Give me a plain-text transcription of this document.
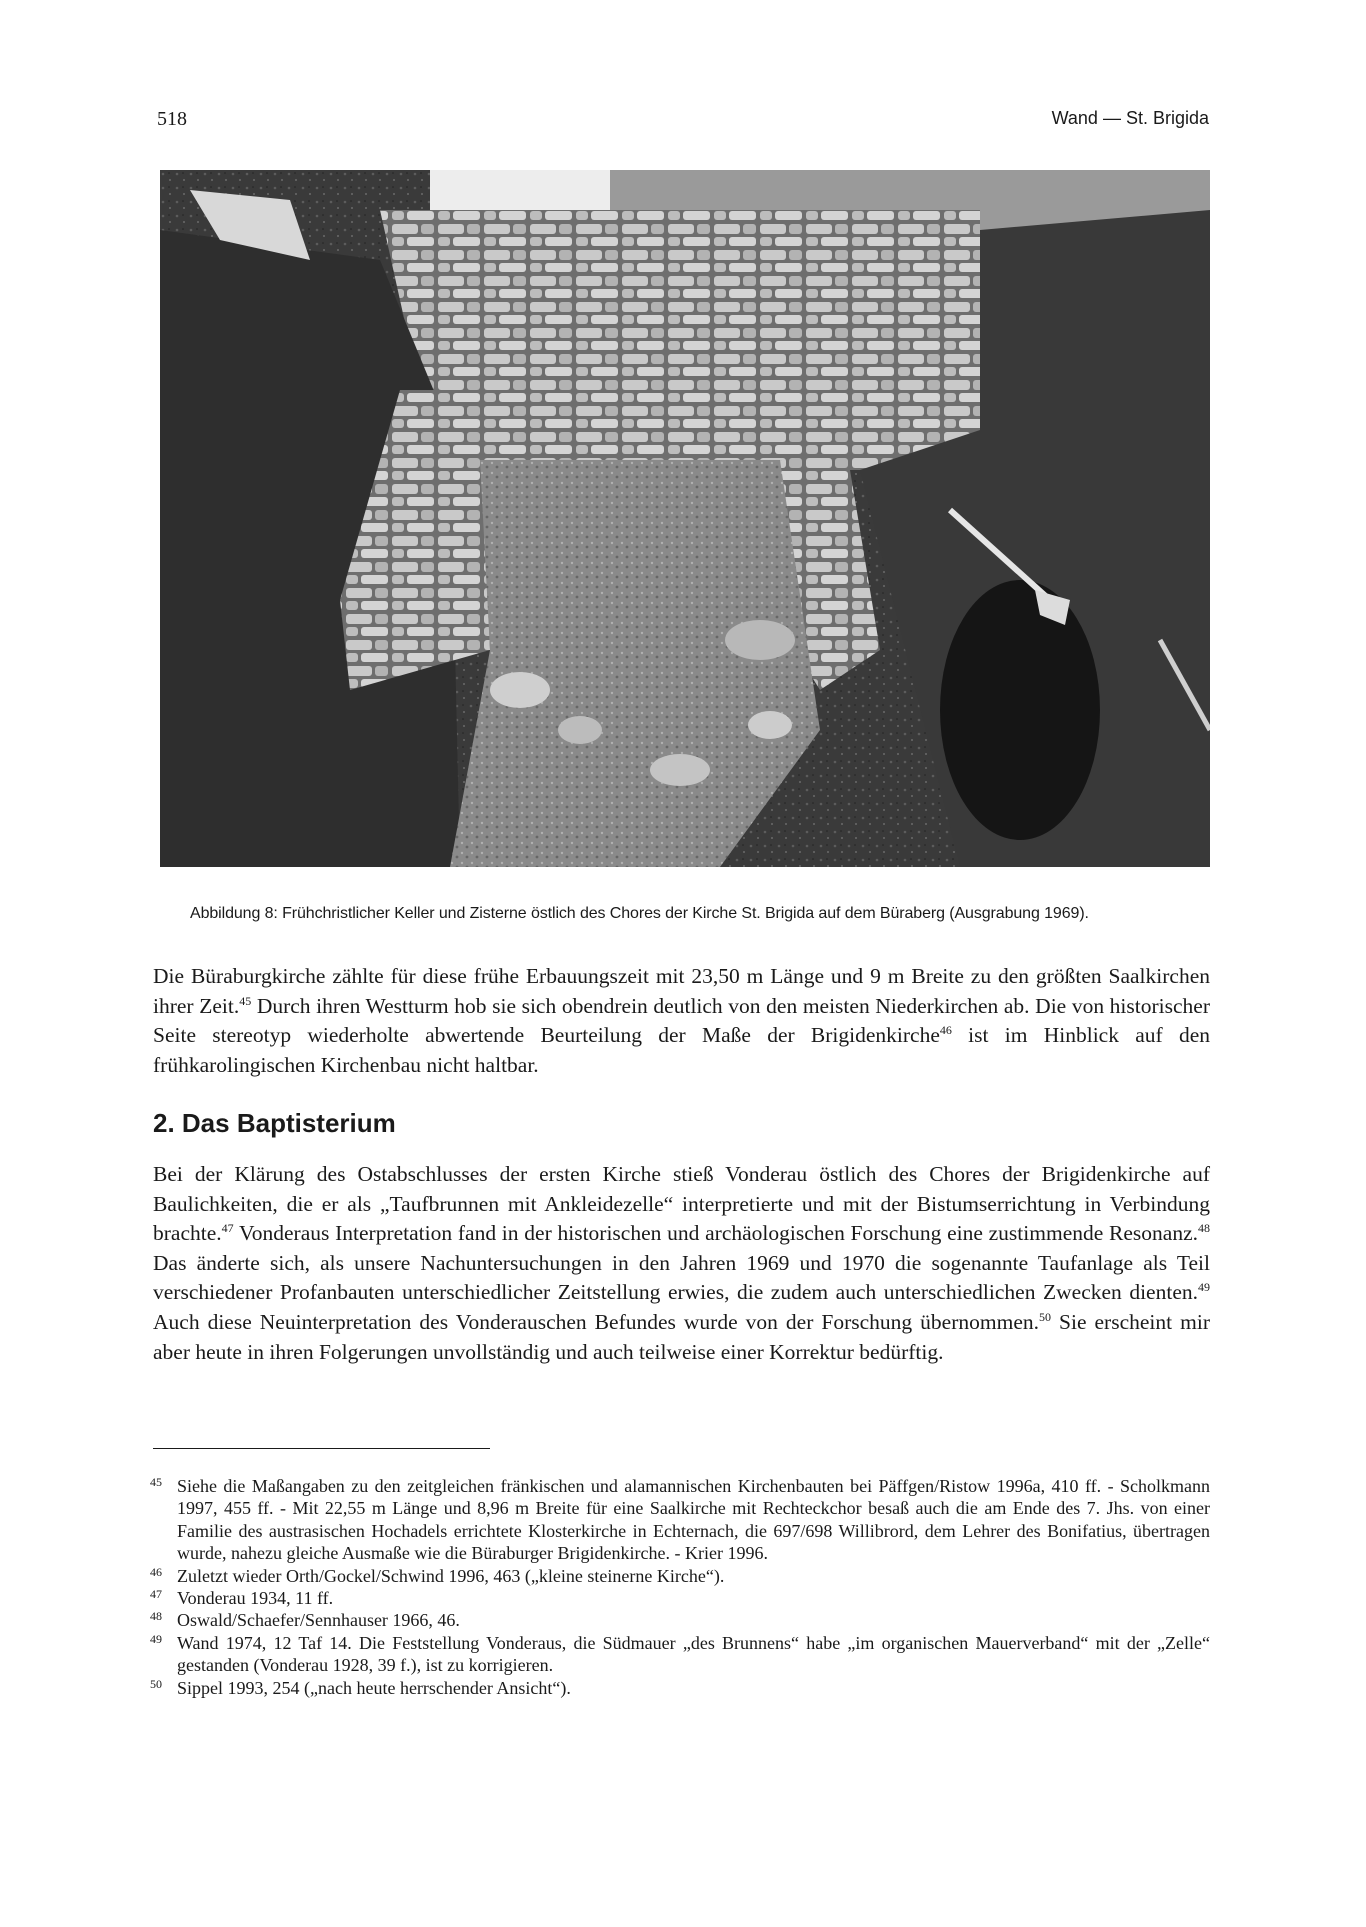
518	Wand — St. Brigida
Abbildung 8: Frühchristlicher Keller und Zisterne östlich des Chores der Kirche St. Brigida auf dem Büraberg (Ausgrabung 1969).

Die Büraburgkirche zählte für diese frühe Erbauungszeit mit 23,50 m Länge und 9 m Breite zu den größten Saalkirchen ihrer Zeit.$^{45}$ Durch ihren Westturm hob sie sich obendrein deutlich von den meisten Niederkirchen ab. Die von historischer Seite stereotyp wiederholte abwertende Beurteilung der Maße der Brigidenkirche$^{46}$ ist im Hinblick auf den frühkarolingischen Kirchenbau nicht haltbar.

2. Das Baptisterium

Bei der Klärung des Ostabschlusses der ersten Kirche stieß Vonderau östlich des Chores der Brigidenkirche auf Baulichkeiten, die er als „Taufbrunnen mit Ankleidezelle“ interpretierte und mit der Bistumserrichtung in Verbindung brachte.$^{47}$ Vonderaus Interpretation fand in der historischen und archäologischen Forschung eine zustimmende Resonanz.$^{48}$ Das änderte sich, als unsere Nachuntersuchungen in den Jahren 1969 und 1970 die sogenannte Taufanlage als Teil verschiedener Profanbauten unterschiedlicher Zeitstellung erwies, die zudem auch unterschiedlichen Zwecken dienten.$^{49}$ Auch diese Neuinterpretation des Vonderauschen Befundes wurde von der Forschung übernommen.$^{50}$ Sie erscheint mir aber heute in ihren Folgerungen unvollständig und auch teilweise einer Korrektur bedürftig.

45 Siehe die Maßangaben zu den zeitgleichen fränkischen und alamannischen Kirchenbauten bei Päffgen/Ristow 1996a, 410 ff. - Scholkmann 1997, 455 ff. - Mit 22,55 m Länge und 8,96 m Breite für eine Saalkirche mit Rechteckchor besaß auch die am Ende des 7. Jhs. von einer Familie des austrasischen Hochadels errichtete Klosterkirche in Echternach, die 697/698 Willibrord, dem Lehrer des Bonifatius, übertragen wurde, nahezu gleiche Ausmaße wie die Büraburger Brigidenkirche. - Krier 1996.
46 Zuletzt wieder Orth/Gockel/Schwind 1996, 463 („kleine steinerne Kirche“).
47 Vonderau 1934, 11 ff.
48 Oswald/Schaefer/Sennhauser 1966, 46.
49 Wand 1974, 12 Taf 14. Die Feststellung Vonderaus, die Südmauer „des Brunnens“ habe „im organischen Mauerverband“ mit der „Zelle“ gestanden (Vonderau 1928, 39 f.), ist zu korrigieren.
50 Sippel 1993, 254 („nach heute herrschender Ansicht“).
